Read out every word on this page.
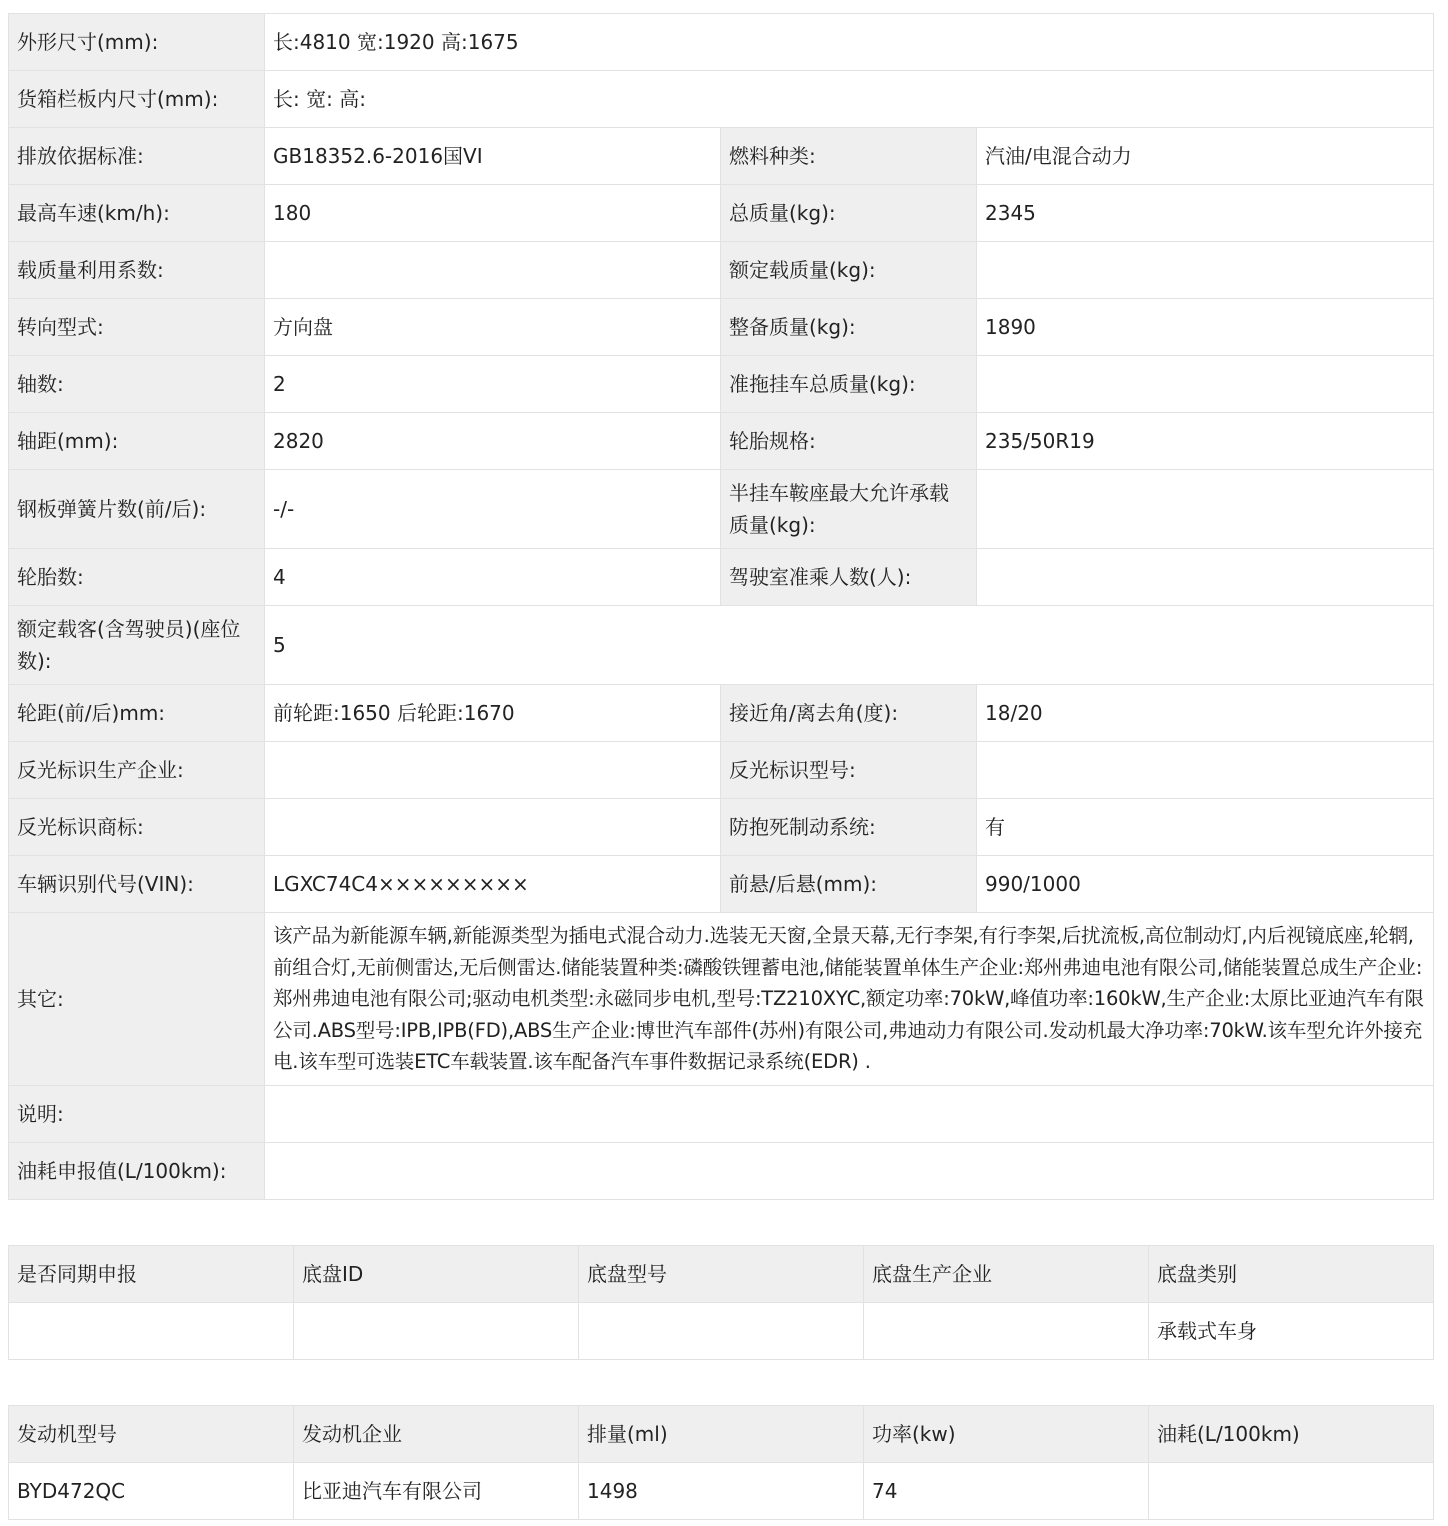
外形尺寸(mm):	长:4810 宽:1920 高:1675		
货箱栏板内尺寸(mm):	长: 宽: 高:		
排放依据标准:	GB18352.6-2016国VI	燃料种类:	汽油/电混合动力
最高车速(km/h):	180	总质量(kg):	2345
载质量利用系数:		额定载质量(kg):	
转向型式:	方向盘	整备质量(kg):	1890
轴数:	2	准拖挂车总质量(kg):	
轴距(mm):	2820	轮胎规格:	235/50R19
钢板弹簧片数(前/后):	-/-	半挂车鞍座最大允许承载质量(kg):	
轮胎数:	4	驾驶室准乘人数(人):	
额定载客(含驾驶员)(座位数):	5		
轮距(前/后)mm:	前轮距:1650 后轮距:1670	接近角/离去角(度):	18/20
反光标识生产企业:		反光标识型号:	
反光标识商标:		防抱死制动系统:	有
车辆识别代号(VIN):	LGXC74C4×××××××××	前悬/后悬(mm):	990/1000
其它:	该产品为新能源车辆,新能源类型为插电式混合动力.选装无天窗,全景天幕,无行李架,有行李架,后扰流板,高位制动灯,内后视镜底座,轮辋,前组合灯,无前侧雷达,无后侧雷达.储能装置种类:磷酸铁锂蓄电池,储能装置单体生产企业:郑州弗迪电池有限公司,储能装置总成生产企业:郑州弗迪电池有限公司;驱动电机类型:永磁同步电机,型号:TZ210XYC,额定功率:70kW,峰值功率:160kW,生产企业:太原比亚迪汽车有限公司.ABS型号:IPB,IPB(FD),ABS生产企业:博世汽车部件(苏州)有限公司,弗迪动力有限公司.发动机最大净功率:70kW.该车型允许外接充电.该车型可选装ETC车载装置.该车配备汽车事件数据记录系统(EDR) .		
说明:			
油耗申报值(L/100km):			
是否同期申报	底盘ID	底盘型号	底盘生产企业	底盘类别
				承载式车身
发动机型号	发动机企业	排量(ml)	功率(kw)	油耗(L/100km)
BYD472QC	比亚迪汽车有限公司	1498	74	
